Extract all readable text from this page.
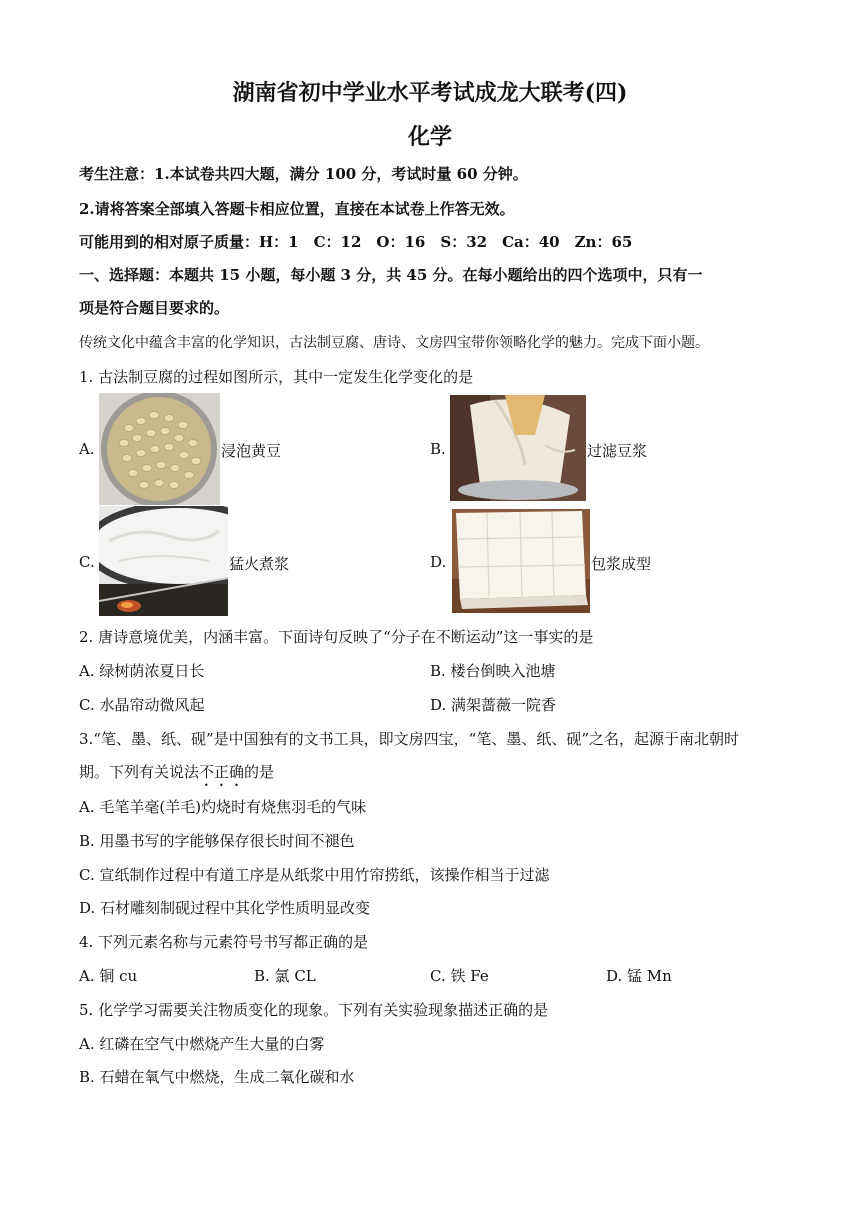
湖南省初中学业水平考试成龙大联考(四)
化学
考生注意：1.本试卷共四大题，满分 100 分，考试时量 60 分钟。
2.请将答案全部填入答题卡相应位置，直接在本试卷上作答无效。
可能用到的相对原子质量：H：1　C：12　O：16　S：32　Ca：40　Zn：65
一、选择题：本题共 15 小题，每小题 3 分，共 45 分。在每小题给出的四个选项中，只有一
项是符合题目要求的。
传统文化中蕴含丰富的化学知识，古法制豆腐、唐诗、文房四宝带你领略化学的魅力。完成下面小题。
1. 古法制豆腐的过程如图所示，其中一定发生化学变化的是
A.	浸泡黄豆	B.	过滤豆浆
C.	猛火煮浆	D.	包浆成型
2. 唐诗意境优美，内涵丰富。下面诗句反映了“分子在不断运动”这一事实的是
A. 绿树荫浓夏日长	B. 楼台倒映入池塘
C. 水晶帘动微风起	D. 满架蔷薇一院香
3.“笔、墨、纸、砚”是中国独有的文书工具，即文房四宝，“笔、墨、纸、砚”之名，起源于南北朝时
期。下列有关说法不正确的是
A. 毛笔羊毫(羊毛)灼烧时有烧焦羽毛的气味
B. 用墨书写的字能够保存很长时间不褪色
C. 宣纸制作过程中有道工序是从纸浆中用竹帘捞纸，该操作相当于过滤
D. 石材雕刻制砚过程中其化学性质明显改变
4. 下列元素名称与元素符号书写都正确的是
A. 铜 cu	B. 氯 CL	C. 铁 Fe	D. 锰 Mn
5. 化学学习需要关注物质变化的现象。下列有关实验现象描述正确的是
A. 红磷在空气中燃烧产生大量的白雾
B. 石蜡在氧气中燃烧，生成二氧化碳和水
